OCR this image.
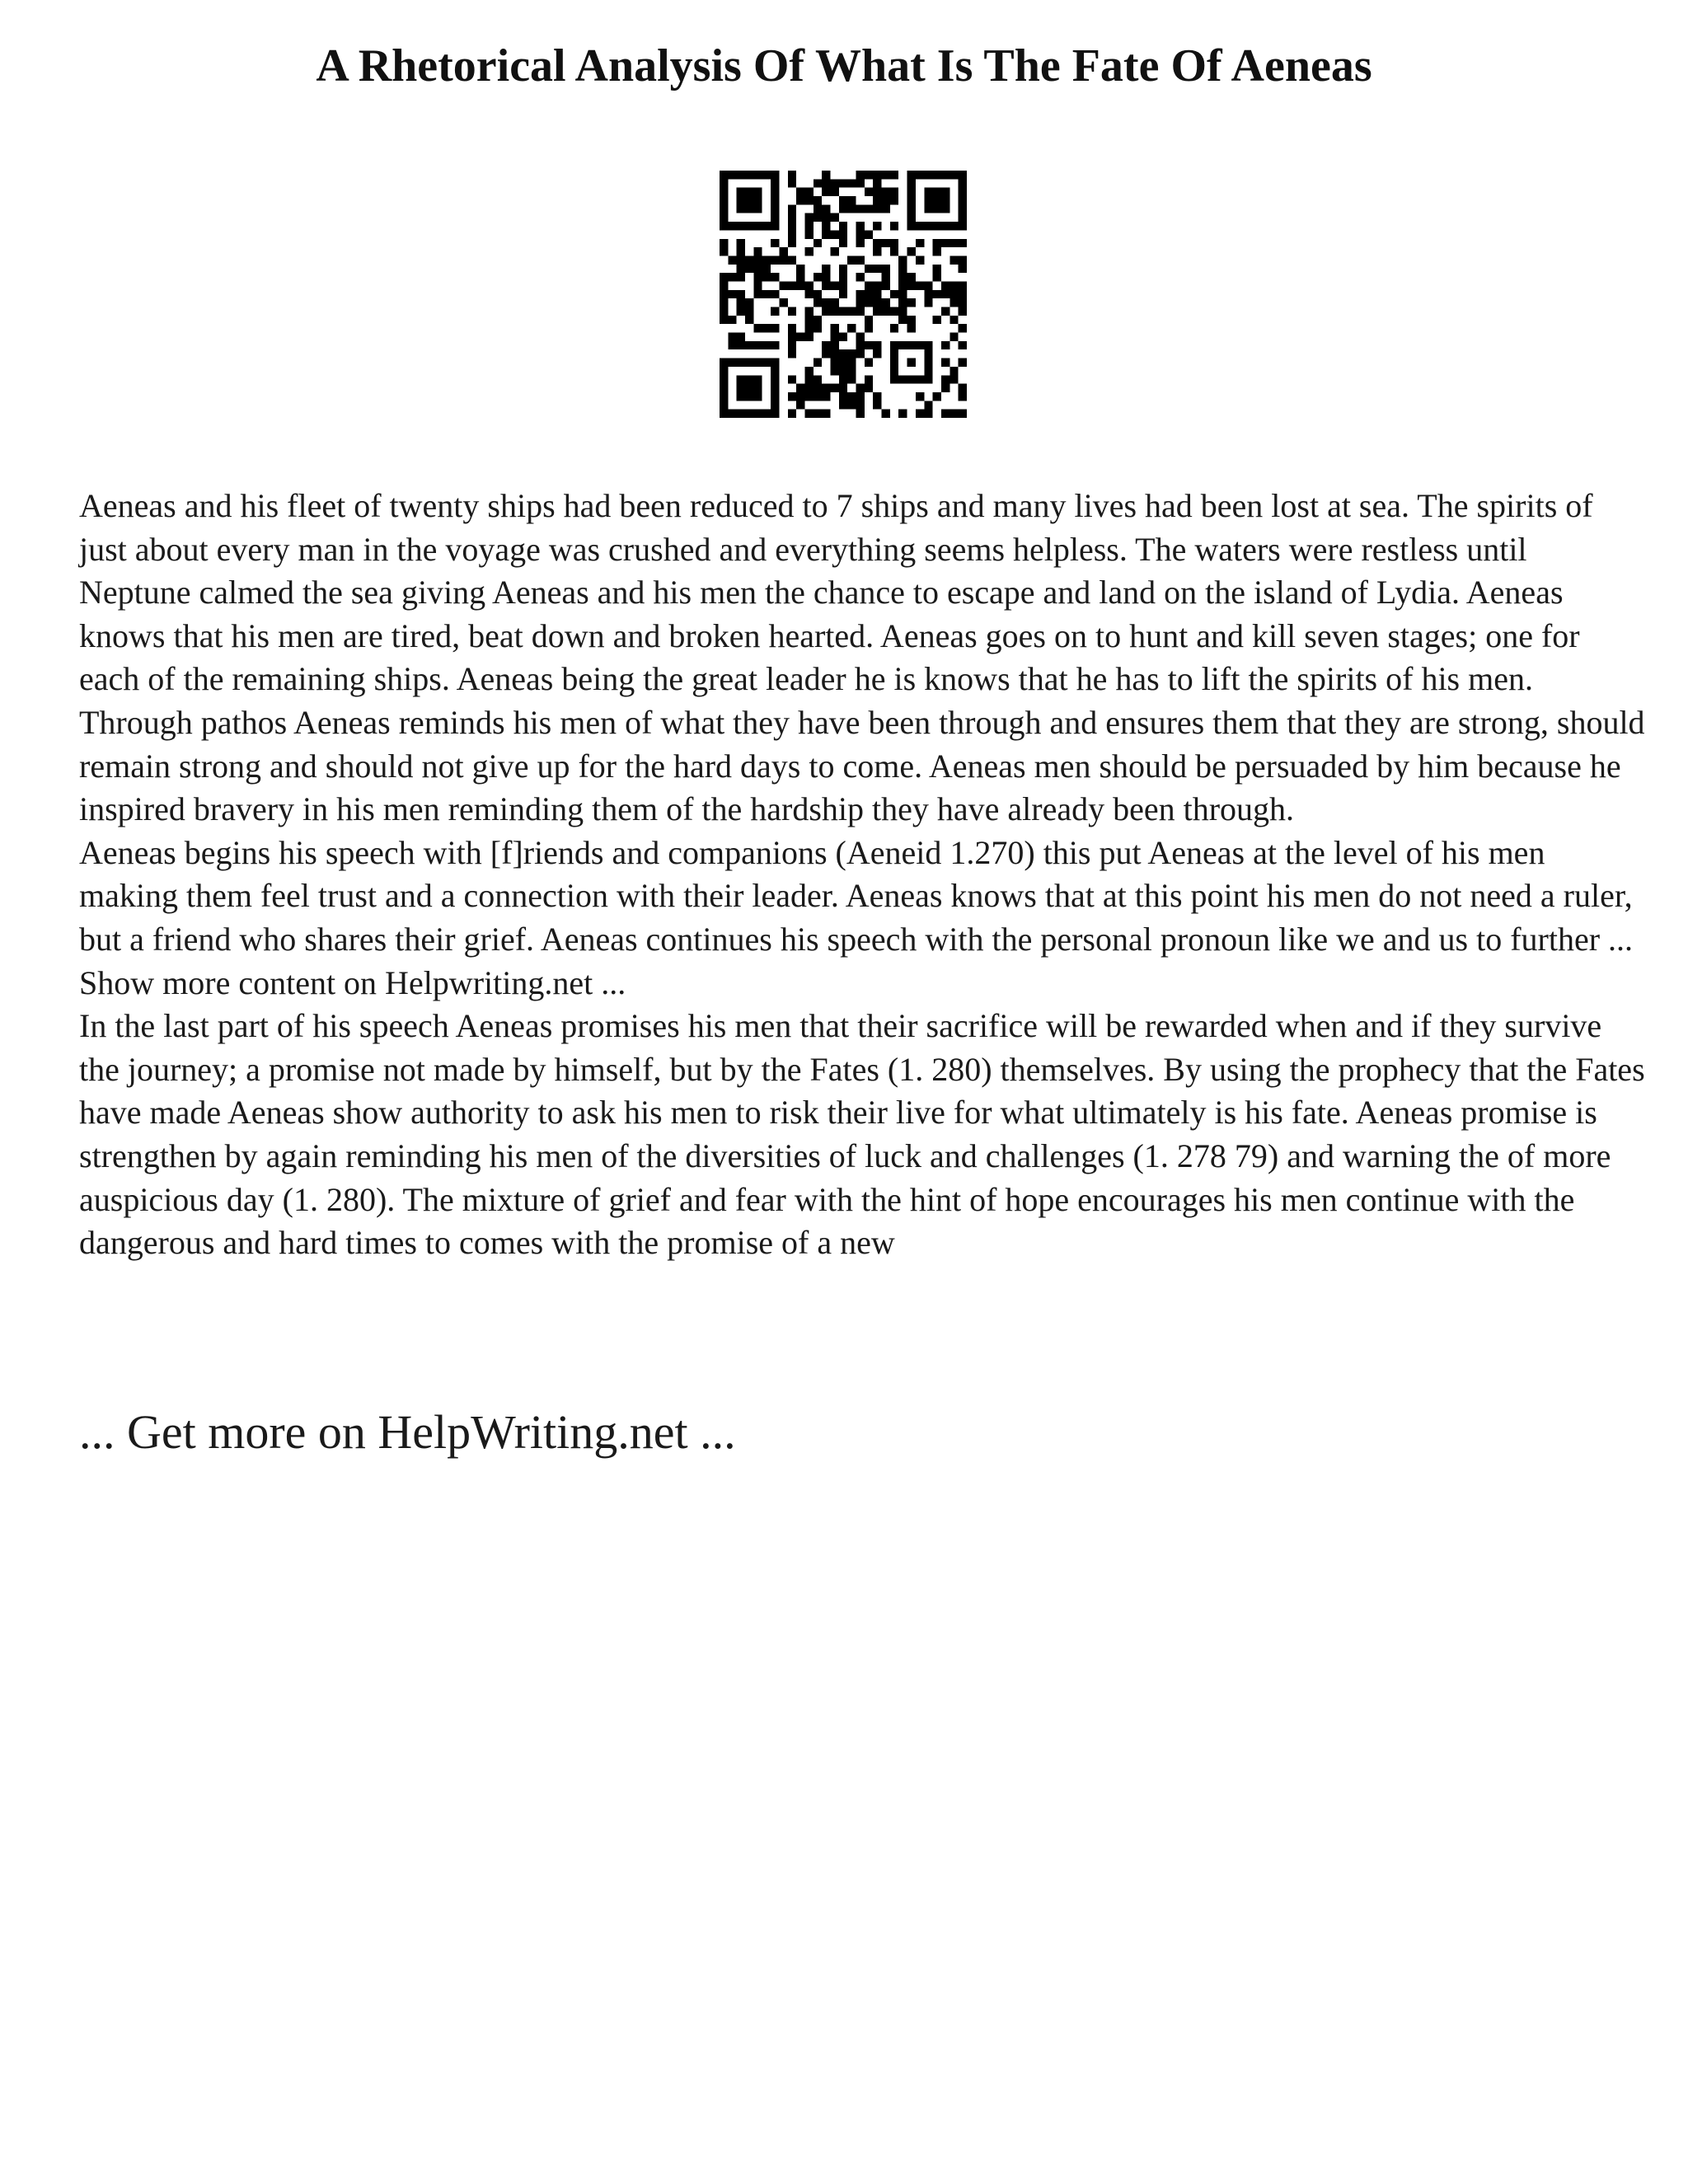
A Rhetorical Analysis Of What Is The Fate Of Aeneas

Aeneas and his fleet of twenty ships had been reduced to 7 ships and many lives had been lost at sea. The spirits of just about every man in the voyage was crushed and everything seems helpless. The waters were restless until Neptune calmed the sea giving Aeneas and his men the chance to escape and land on the island of Lydia. Aeneas knows that his men are tired, beat down and broken hearted. Aeneas goes on to hunt and kill seven stages; one for each of the remaining ships. Aeneas being the great leader he is knows that he has to lift the spirits of his men. Through pathos Aeneas reminds his men of what they have been through and ensures them that they are strong, should remain strong and should not give up for the hard days to come. Aeneas men should be persuaded by him because he inspired bravery in his men reminding them of the hardship they have already been through.

Aeneas begins his speech with [f]riends and companions (Aeneid 1.270) this put Aeneas at the level of his men making them feel trust and a connection with their leader. Aeneas knows that at this point his men do not need a ruler, but a friend who shares their grief. Aeneas continues his speech with the personal pronoun like we and us to further ... Show more content on Helpwriting.net ...

In the last part of his speech Aeneas promises his men that their sacrifice will be rewarded when and if they survive the journey; a promise not made by himself, but by the Fates (1. 280) themselves. By using the prophecy that the Fates have made Aeneas show authority to ask his men to risk their live for what ultimately is his fate. Aeneas promise is strengthen by again reminding his men of the diversities of luck and challenges (1. 278 79) and warning the of more auspicious day (1. 280). The mixture of grief and fear with the hint of hope encourages his men continue with the dangerous and hard times to comes with the promise of a new

... Get more on HelpWriting.net ...
